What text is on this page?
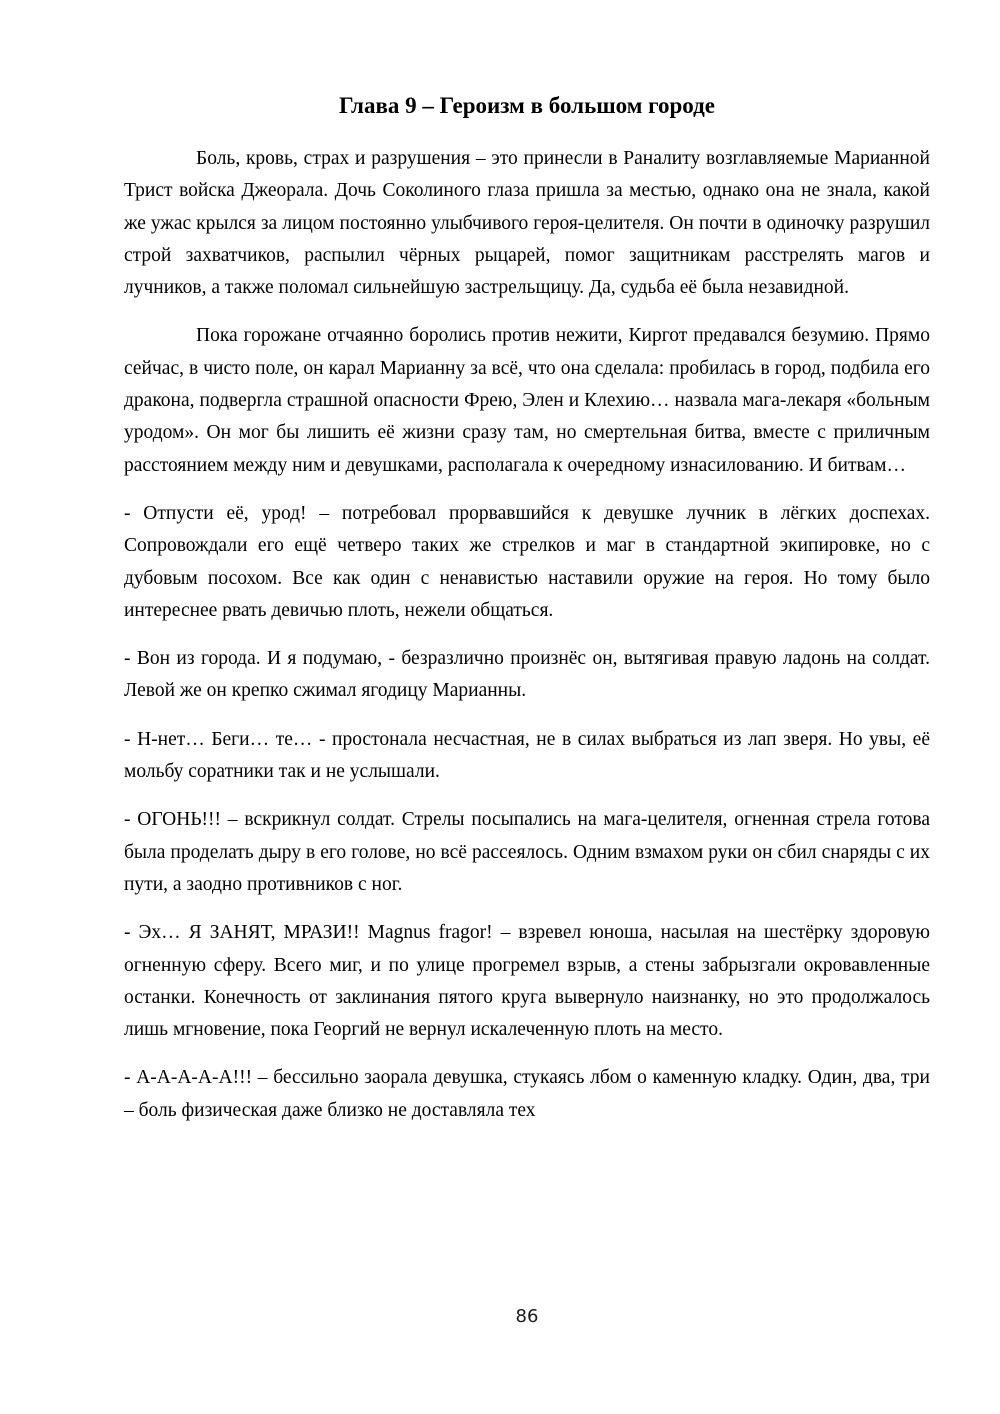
Глава 9 – Героизм в большом городе

Боль, кровь, страх и разрушения – это принесли в Раналиту возглавляемые Марианной Трист войска Джеорала. Дочь Соколиного глаза пришла за местью, однако она не знала, какой же ужас крылся за лицом постоянно улыбчивого героя-целителя. Он почти в одиночку разрушил строй захватчиков, распылил чёрных рыцарей, помог защитникам расстрелять магов и лучников, а также поломал сильнейшую застрельщицу. Да, судьба её была незавидной.

Пока горожане отчаянно боролись против нежити, Киргот предавался безумию. Прямо сейчас, в чисто поле, он карал Марианну за всё, что она сделала: пробилась в город, подбила его дракона, подвергла страшной опасности Фрею, Элен и Клехию… назвала мага-лекаря «больным уродом». Он мог бы лишить её жизни сразу там, но смертельная битва, вместе с приличным расстоянием между ним и девушками, располагала к очередному изнасилованию. И битвам…

- Отпусти её, урод! – потребовал прорвавшийся к девушке лучник в лёгких доспехах. Сопровождали его ещё четверо таких же стрелков и маг в стандартной экипировке, но с дубовым посохом. Все как один с ненавистью наставили оружие на героя. Но тому было интереснее рвать девичью плоть, нежели общаться.

- Вон из города. И я подумаю, - безразлично произнёс он, вытягивая правую ладонь на солдат. Левой же он крепко сжимал ягодицу Марианны.

- Н-нет… Беги… те… - простонала несчастная, не в силах выбраться из лап зверя. Но увы, её мольбу соратники так и не услышали.

- ОГОНЬ!!! – вскрикнул солдат. Стрелы посыпались на мага-целителя, огненная стрела готова была проделать дыру в его голове, но всё рассеялось. Одним взмахом руки он сбил снаряды с их пути, а заодно противников с ног.

- Эх… Я ЗАНЯТ, МРАЗИ!! Magnus fragor! – взревел юноша, насылая на шестёрку здоровую огненную сферу. Всего миг, и по улице прогремел взрыв, а стены забрызгали окровавленные останки. Конечность от заклинания пятого круга вывернуло наизнанку, но это продолжалось лишь мгновение, пока Георгий не вернул искалеченную плоть на место.

- А-А-А-А-А!!! – бессильно заорала девушка, стукаясь лбом о каменную кладку. Один, два, три – боль физическая даже близко не доставляла тех

86
